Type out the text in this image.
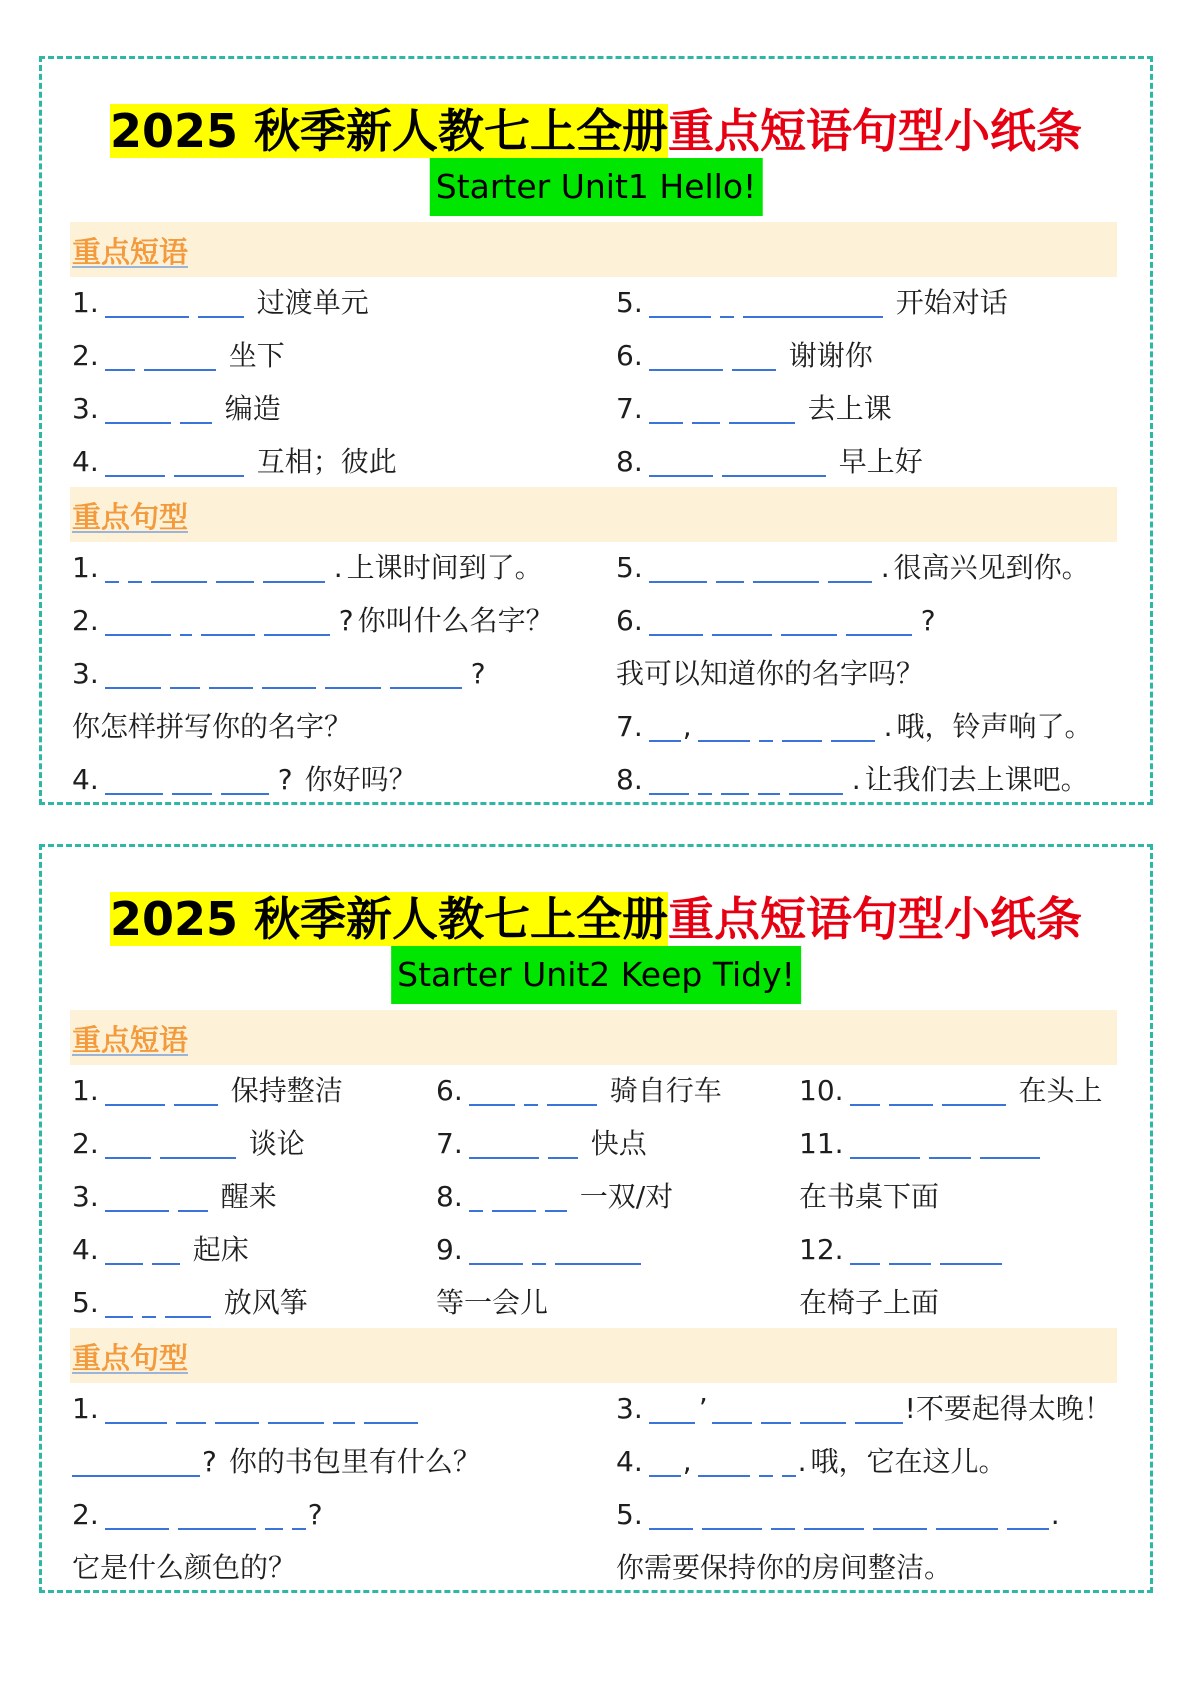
2025 秋季新人教七上全册重点短语句型小纸条
Starter Unit1 Hello!
重点短语
1.	过渡单元
2.	坐下
3.	编造
4.	互相；彼此
5.	开始对话
6.	谢谢你
7.	去上课
8.	早上好
重点句型
1.	. 上课时间到了。
2.	? 你叫什么名字？
3.	?
你怎样拼写你的名字？
4.	? 你好吗？
5.	. 很高兴见到你。
6.	?
我可以知道你的名字吗？
7. ,	. 哦，铃声响了。
8.	. 让我们去上课吧。
2025 秋季新人教七上全册重点短语句型小纸条
Starter Unit2 Keep Tidy!
重点短语
1.	保持整洁
2.	谈论
3.	醒来
4.	起床
5.	放风筝
6.	骑自行车
7.	快点
8.	一双/对
9.
等一会儿
10.	在头上
11.
在书桌下面
12.
在椅子上面
重点句型
1.
? 你的书包里有什么？
2.	?
它是什么颜色的？
3. ’	!不要起得太晚！
4. ,	. 哦，它在这儿。
5.	.
你需要保持你的房间整洁。
